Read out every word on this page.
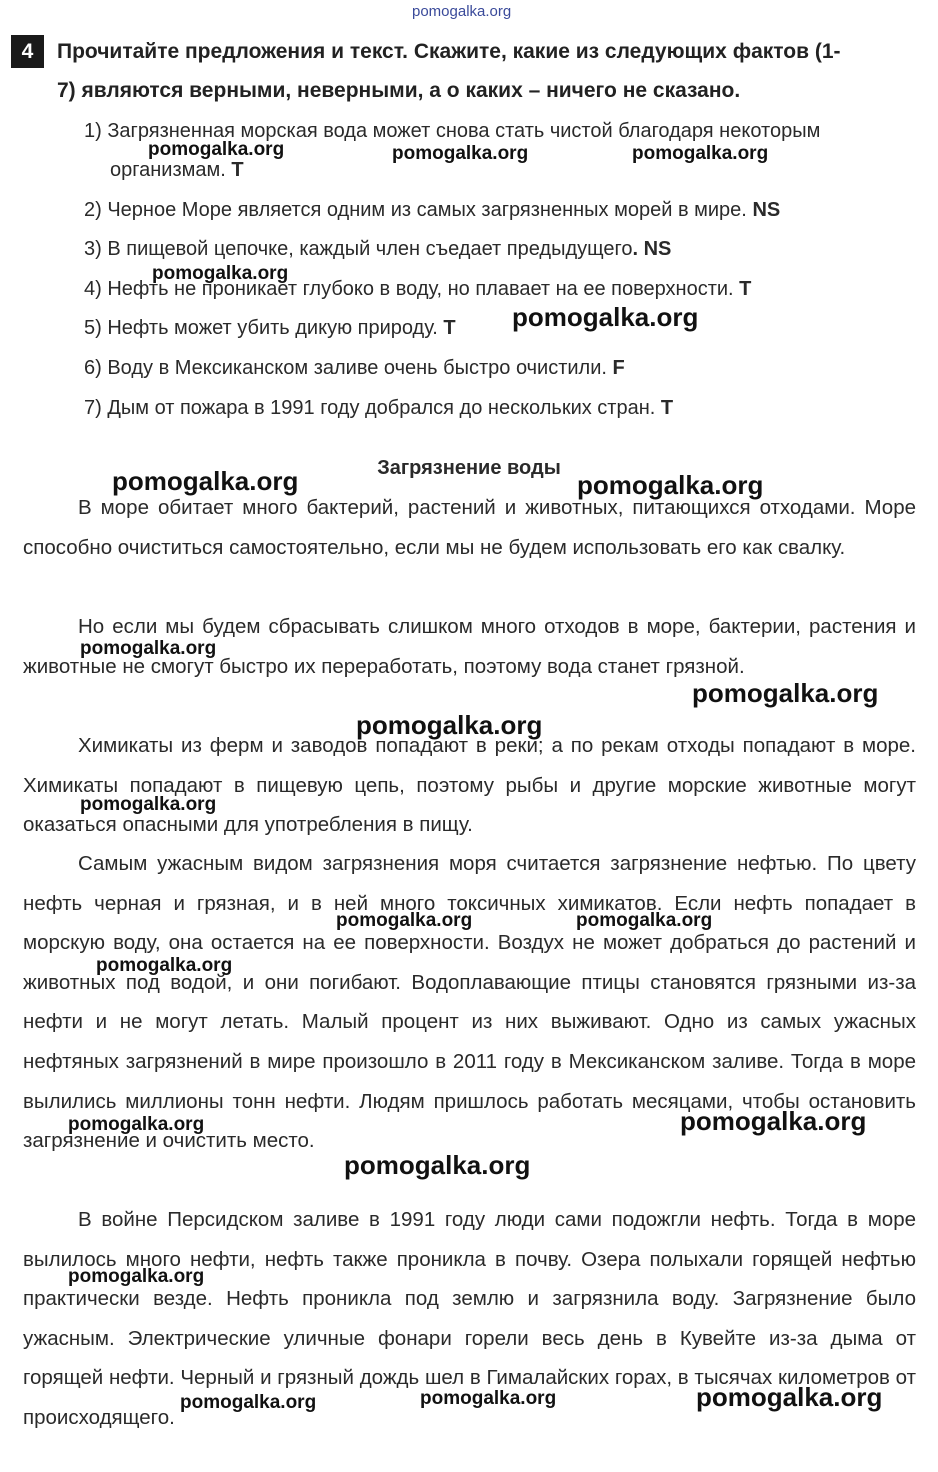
pomogalka.org
4	Прочитайте предложения и текст. Скажите, какие из следующих фактов (1-
7) являются верными, неверными, а о каких – ничего не сказано.
1) Загрязненная морская вода может снова стать чистой благодаря некоторым
организмам. T
2) Черное Море является одним из самых загрязненных морей в мире. NS
3) В пищевой цепочке, каждый член съедает предыдущего. NS
4) Нефть не проникает глубоко в воду, но плавает на ее поверхности. T
5) Нефть может убить дикую природу. T
6) Воду в Мексиканском заливе очень быстро очистили. F
7) Дым от пожара в 1991 году добрался до нескольких стран. T
Загрязнение воды

В море обитает много бактерий, растений и животных, питающихся отходами. Море способно очиститься самостоятельно, если мы не будем использовать его как свалку.

Но если мы будем сбрасывать слишком много отходов в море, бактерии, растения и животные не смогут быстро их переработать, поэтому вода станет грязной.

Химикаты из ферм и заводов попадают в реки; а по рекам отходы попадают в море. Химикаты попадают в пищевую цепь, поэтому рыбы и другие морские животные могут оказаться опасными для употребления в пищу.

Самым ужасным видом загрязнения моря считается загрязнение нефтью. По цвету нефть черная и грязная, и в ней много токсичных химикатов. Если нефть попадает в морскую воду, она остается на ее поверхности. Воздух не может добраться до растений и животных под водой, и они погибают. Водоплавающие птицы становятся грязными из-за нефти и не могут летать. Малый процент из них выживают. Одно из самых ужасных нефтяных загрязнений в мире произошло в 2011 году в Мексиканском заливе. Тогда в море вылились миллионы тонн нефти. Людям пришлось работать месяцами, чтобы остановить загрязнение и очистить место.

В войне Персидском заливе в 1991 году люди сами подожгли нефть. Тогда в море вылилось много нефти, нефть также проникла в почву. Озера полыхали горящей нефтью практически везде. Нефть проникла под землю и загрязнила воду. Загрязнение было ужасным. Электрические уличные фонари горели весь день в Кувейте из-за дыма от горящей нефти. Черный и грязный дождь шел в Гималайских горах, в тысячах километров от происходящего.

pomogalka.org	pomogalka.org	pomogalka.org
pomogalka.org
pomogalka.org
pomogalka.org	pomogalka.org
pomogalka.org
pomogalka.org
pomogalka.org
pomogalka.org
pomogalka.org	pomogalka.org
pomogalka.org
pomogalka.org
pomogalka.org
pomogalka.org
pomogalka.org
pomogalka.org
pomogalka.org	pomogalka.org
